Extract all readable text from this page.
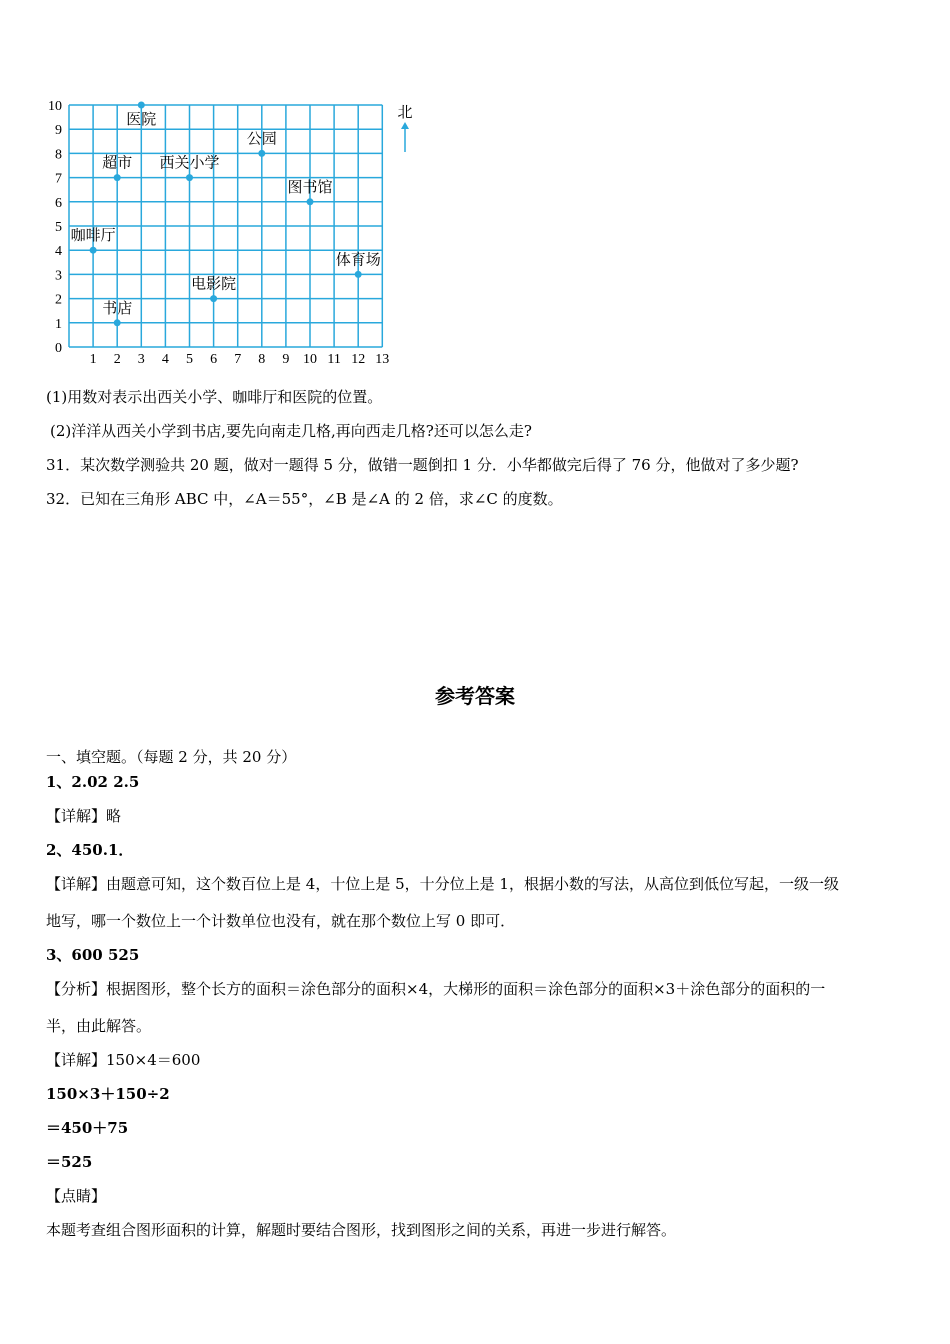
1 2 3 4 5 6 7 8 9 10 11 12 13
0
1
2
3
4
5
6
7
8
9
10
医院
超市 西关小学
公园
图书馆
咖啡厅
体育场
电影院
书店
北
(1)用数对表示出西关小学、咖啡厅和医院的位置。
(2)洋洋从西关小学到书店,要先向南走几格,再向西走几格?还可以怎么走?
31．某次数学测验共 20 题，做对一题得 5 分，做错一题倒扣 1 分．小华都做完后得了 76 分，他做对了多少题?
32．已知在三角形 ABC 中，∠A＝55°，∠B 是∠A 的 2 倍，求∠C 的度数。
参考答案
一、填空题。（每题 2 分，共 20 分）
1、2.02 2.5
【详解】略
2、450.1．
【详解】由题意可知，这个数百位上是 4，十位上是 5，十分位上是 1，根据小数的写法，从高位到低位写起，一级一级
地写，哪一个数位上一个计数单位也没有，就在那个数位上写 0 即可．
3、600 525
【分析】根据图形，整个长方的面积＝涂色部分的面积×4，大梯形的面积＝涂色部分的面积×3＋涂色部分的面积的一
半，由此解答。
【详解】150×4＝600
150×3＋150÷2
＝450＋75
＝525
【点睛】
本题考查组合图形面积的计算，解题时要结合图形，找到图形之间的关系，再进一步进行解答。
